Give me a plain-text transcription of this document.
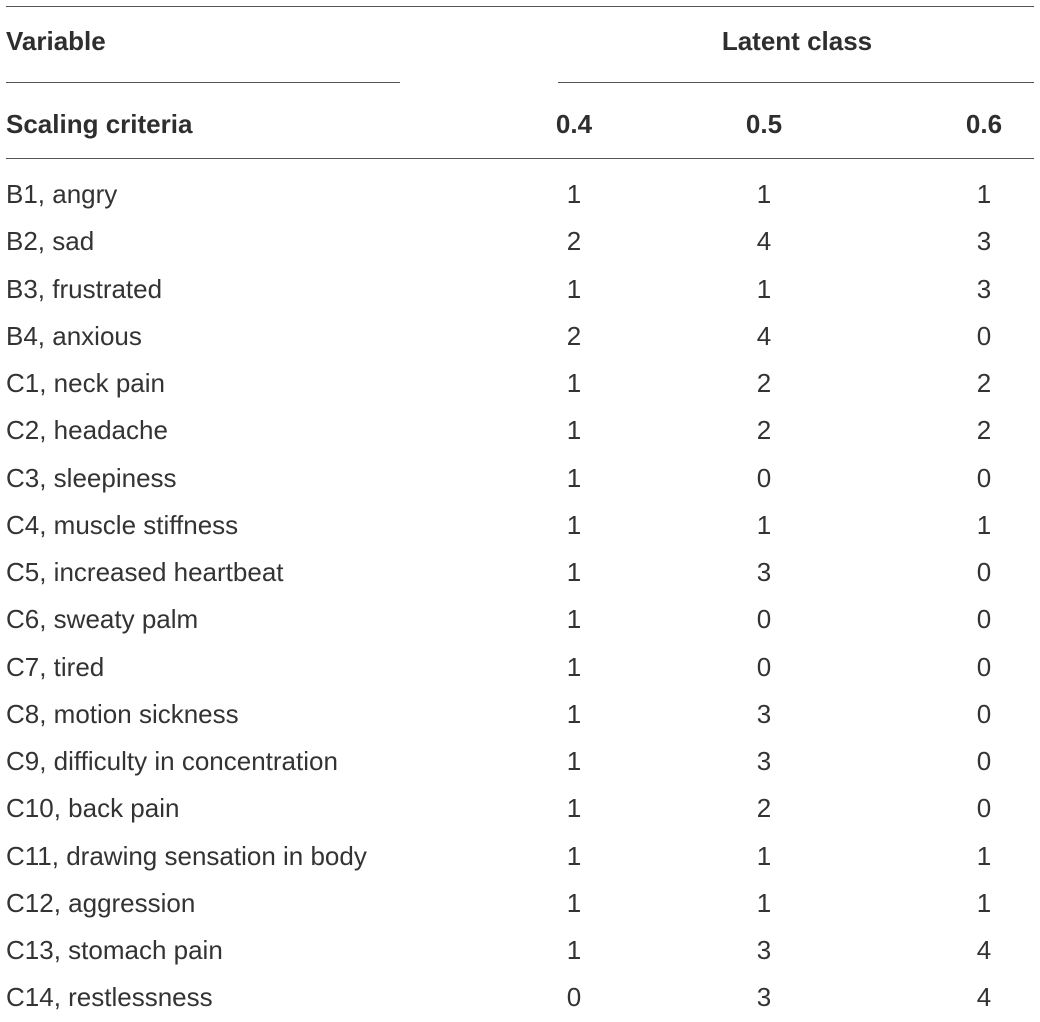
Variable	Latent class
Scaling criteria	0.4	0.5	0.6
B1, angry	1	1	1
B2, sad	2	4	3
B3, frustrated	1	1	3
B4, anxious	2	4	0
C1, neck pain	1	2	2
C2, headache	1	2	2
C3, sleepiness	1	0	0
C4, muscle stiffness	1	1	1
C5, increased heartbeat	1	3	0
C6, sweaty palm	1	0	0
C7, tired	1	0	0
C8, motion sickness	1	3	0
C9, difficulty in concentration	1	3	0
C10, back pain	1	2	0
C11, drawing sensation in body	1	1	1
C12, aggression	1	1	1
C13, stomach pain	1	3	4
C14, restlessness	0	3	4
